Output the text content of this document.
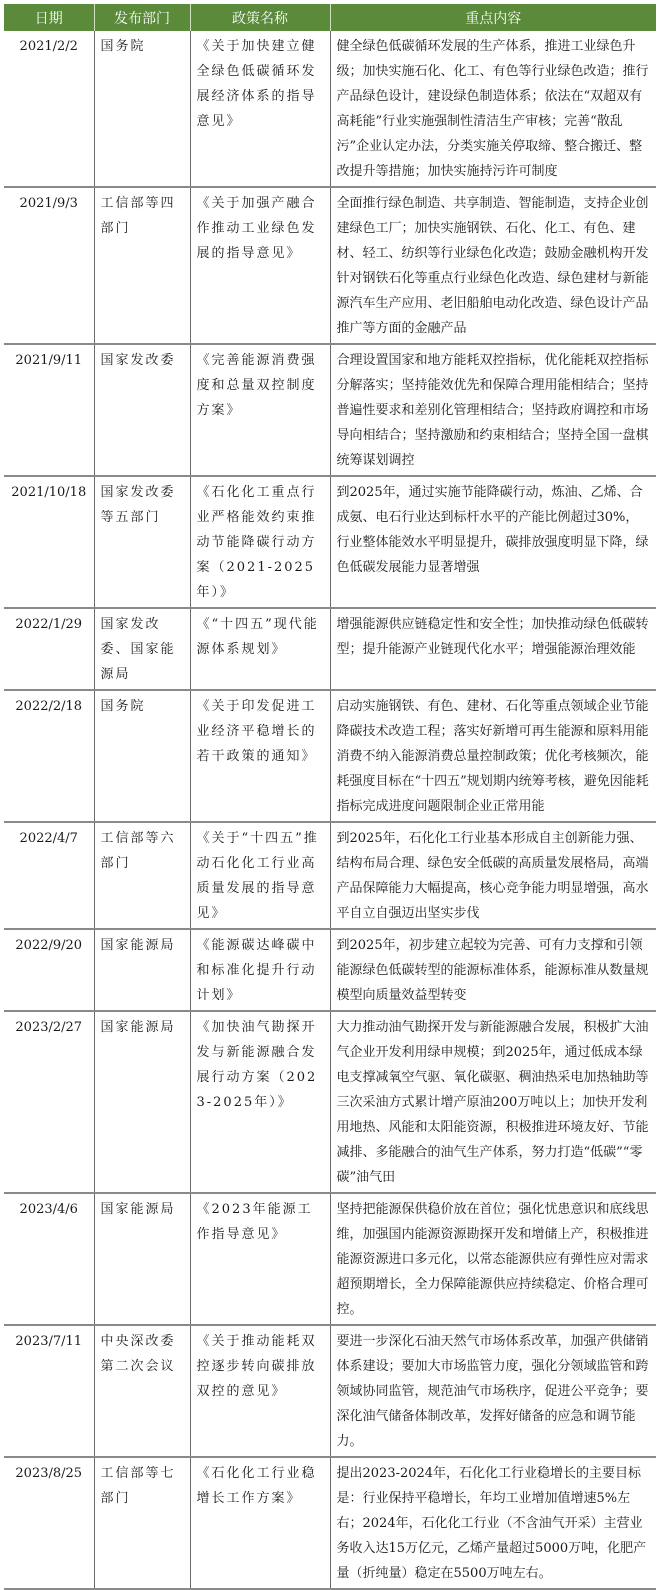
日期	发布部门	政策名称	重点内容
2021/2/2	国务院	《关于加快建立健全绿色低碳循环发展经济体系的指导意见》	健全绿色低碳循环发展的生产体系，推进工业绿色升级；加快实施石化、化工、有色等行业绿色改造；推行产品绿色设计，建设绿色制造体系；依法在“双超双有高耗能”行业实施强制性清洁生产审核；完善“散乱污”企业认定办法，分类实施关停取缔、整合搬迁、整改提升等措施；加快实施持污许可制度
2021/9/3	工信部等四部门	《关于加强产融合作推动工业绿色发展的指导意见》	全面推行绿色制造、共享制造、智能制造，支持企业创建绿色工厂；加快实施钢铁、石化、化工、有色、建材、轻工、纺织等行业绿色化改造；鼓励金融机构开发针对钢铁石化等重点行业绿色化改造、绿色建材与新能源汽车生产应用、老旧船舶电动化改造、绿色设计产品推广等方面的金融产品
2021/9/11	国家发改委	《完善能源消费强度和总量双控制度方案》	合理设置国家和地方能耗双控指标，优化能耗双控指标分解落实；坚持能效优先和保障合理用能相结合；坚持普遍性要求和差别化管理相结合；坚持政府调控和市场导向相结合；坚持激励和约束相结合；坚持全国一盘棋统筹谋划调控
2021/10/18	国家发改委等五部门	《石化化工重点行业严格能效约束推动节能降碳行动方案（2021-2025年）》	到2025年，通过实施节能降碳行动，炼油、乙烯、合成氨、电石行业达到标杆水平的产能比例超过30%，行业整体能效水平明显提升，碳排放强度明显下降，绿色低碳发展能力显著增强
2022/1/29	国家发改委、国家能源局	《“十四五”现代能源体系规划》	增强能源供应链稳定性和安全性；加快推动绿色低碳转型；提升能源产业链现代化水平；增强能源治理效能
2022/2/18	国务院	《关于印发促进工业经济平稳增长的若干政策的通知》	启动实施钢铁、有色、建材、石化等重点领域企业节能降碳技术改造工程；落实好新增可再生能源和原料用能消费不纳入能源消费总量控制政策；优化考核频次，能耗强度目标在“十四五”规划期内统筹考核，避免因能耗指标完成进度问题限制企业正常用能
2022/4/7	工信部等六部门	《关于“十四五”推动石化化工行业高质量发展的指导意见》	到2025年，石化化工行业基本形成自主创新能力强、结构布局合理、绿色安全低碳的高质量发展格局，高端产品保障能力大幅提高，核心竞争能力明显增强，高水平自立自强迈出坚实步伐
2022/9/20	国家能源局	《能源碳达峰碳中和标准化提升行动计划》	到2025年，初步建立起较为完善、可有力支撑和引领能源绿色低碳转型的能源标准体系，能源标准从数量规模型向质量效益型转变
2023/2/27	国家能源局	《加快油气勘探开发与新能源融合发展行动方案（2023-2025年）》	大力推动油气勘探开发与新能源融合发展，积极扩大油气企业开发利用绿申规模；到2025年，通过低成本绿电支撑减氧空气驱、氧化碳驱、稠油热采电加热轴助等三次采油方式累计增产原油200万吨以上；加快开发利用地热、风能和太阳能资源，积极推进环境友好、节能减排、多能融合的油气生产体系，努力打造“低碳”“零碳”油气田
2023/4/6	国家能源局	《2023年能源工作指导意见》	坚持把能源保供稳价放在首位；强化忧患意识和底线思维，加强国内能源资源勘探开发和增储上产，积极推进能源资源进口多元化，以常态能源供应有弹性应对需求超预期增长，全力保障能源供应持续稳定、价格合理可控。
2023/7/11	中央深改委第二次会议	《关于推动能耗双控逐步转向碳排放双控的意见》	要进一步深化石油天然气市场体系改革，加强产供储销体系建设；要加大市场监管力度，强化分领域监管和跨领域协同监管，规范油气市场秩序，促进公平竞争；要深化油气储备体制改革，发挥好储备的应急和调节能力。
2023/8/25	工信部等七部门	《石化化工行业稳增长工作方案》	提出2023-2024年，石化化工行业稳增长的主要目标是：行业保持平稳增长，年均工业增加值增速5%左右；2024年，石化化工行业（不含油气开采）主营业务收入达15万亿元，乙烯产量超过5000万吨，化肥产量（折纯量）稳定在5500万吨左右。
